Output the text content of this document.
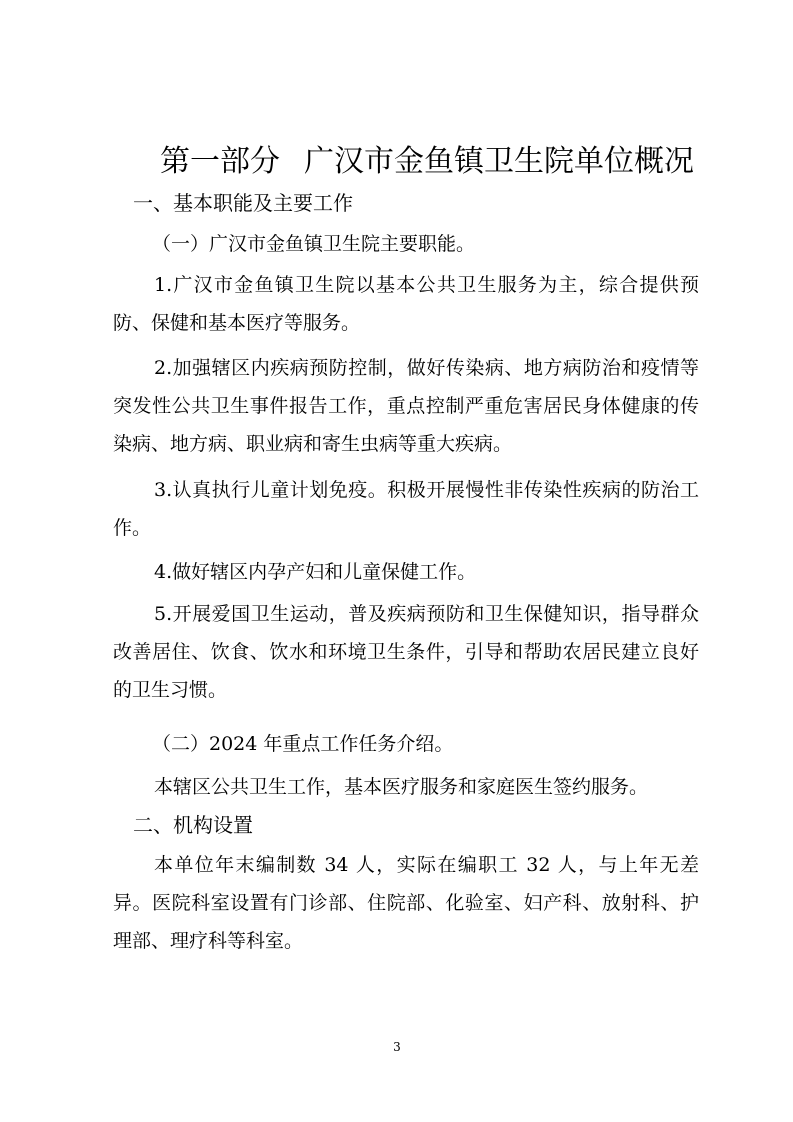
第一部分 广汉市金鱼镇卫生院单位概况
一、基本职能及主要工作
（一）广汉市金鱼镇卫生院主要职能。

1.广汉市金鱼镇卫生院以基本公共卫生服务为主，综合提供预防、保健和基本医疗等服务。

2.加强辖区内疾病预防控制，做好传染病、地方病防治和疫情等突发性公共卫生事件报告工作，重点控制严重危害居民身体健康的传染病、地方病、职业病和寄生虫病等重大疾病。

3.认真执行儿童计划免疫。积极开展慢性非传染性疾病的防治工作。

4.做好辖区内孕产妇和儿童保健工作。

5.开展爱国卫生运动，普及疾病预防和卫生保健知识，指导群众改善居住、饮食、饮水和环境卫生条件，引导和帮助农居民建立良好的卫生习惯。

（二）2024 年重点工作任务介绍。

本辖区公共卫生工作，基本医疗服务和家庭医生签约服务。

二、机构设置

本单位年末编制数 34 人，实际在编职工 32 人，与上年无差异。医院科室设置有门诊部、住院部、化验室、妇产科、放射科、护理部、理疗科等科室。

3
